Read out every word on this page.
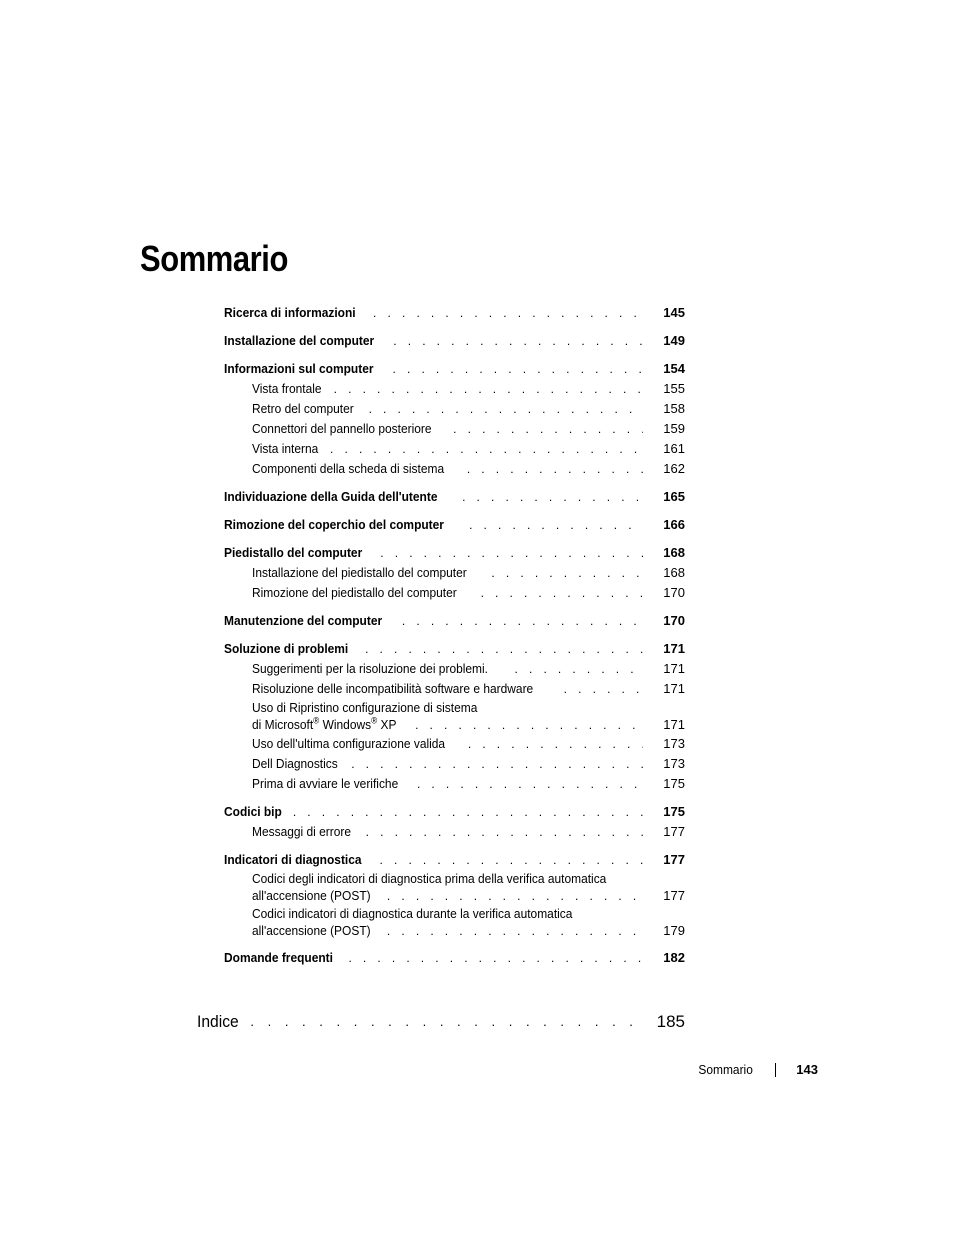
Sommario
Ricerca di informazioni . . .	145
Installazione del computer . . .	149
Informazioni sul computer . . .	154
Vista frontale . . .	155
Retro del computer . . .	158
Connettori del pannello posteriore . . .	159
Vista interna . . .	161
Componenti della scheda di sistema . . .	162
Individuazione della Guida dell'utente . . .	165
Rimozione del coperchio del computer . . .	166
Piedistallo del computer . . .	168
Installazione del piedistallo del computer . . .	168
Rimozione del piedistallo del computer . . .	170
Manutenzione del computer . . .	170
Soluzione di problemi . . .	171
Suggerimenti per la risoluzione dei problemi. . . .	171
Risoluzione delle incompatibilità software e hardware . . .	171
Uso di Ripristino configurazione di sistema
di Microsoft® Windows® XP . . .	171
Uso dell'ultima configurazione valida . . .	173
Dell Diagnostics . . .	173
Prima di avviare le verifiche . . .	175
Codici bip . . .	175
Messaggi di errore . . .	177
Indicatori di diagnostica . . .	177
Codici degli indicatori di diagnostica prima della verifica automatica
all'accensione (POST) . . .	177
Codici indicatori di diagnostica durante la verifica automatica
all'accensione (POST) . . .	179
Domande frequenti . . .	182
Indice . . .	185
Sommario	143
